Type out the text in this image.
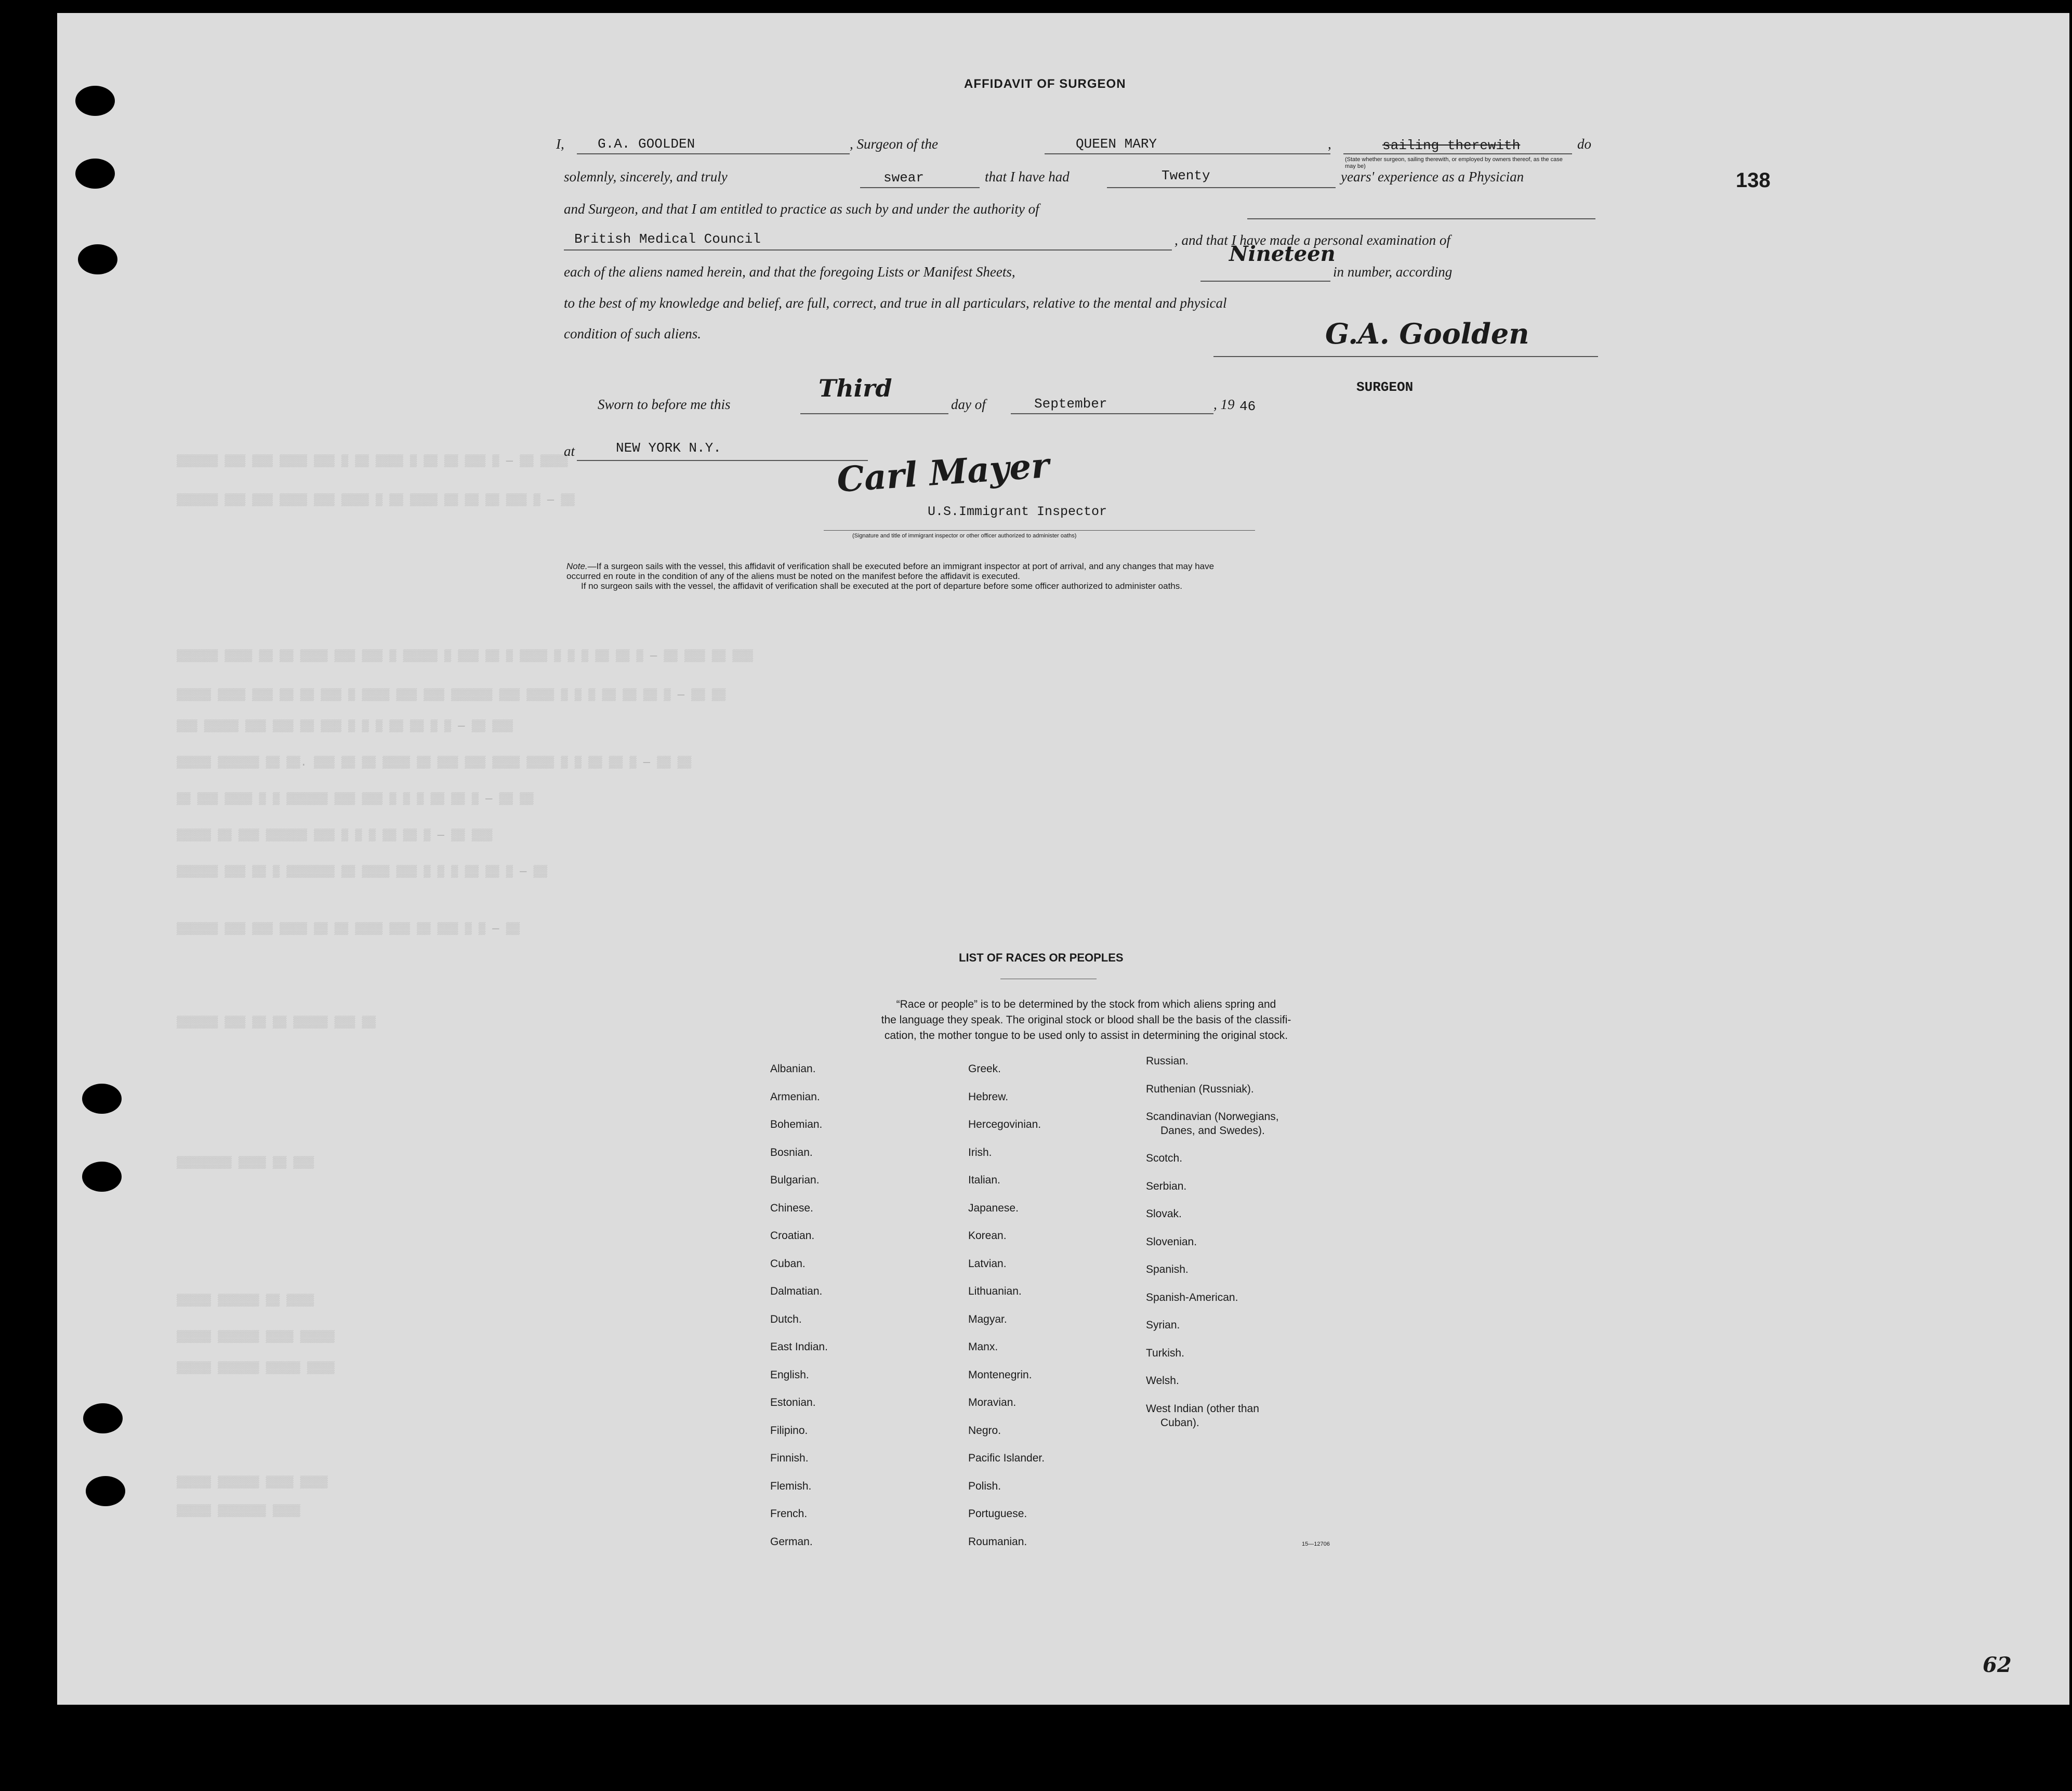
138
▒▒▒▒▒▒ ▒▒▒ ▒▒▒ ▒▒▒▒ ▒▒▒ ▒ ▒▒ ▒▒▒▒ ▒ ▒▒ ▒▒ ▒▒▒ ▒ — ▒▒ ▒▒▒▒
▒▒▒▒▒▒ ▒▒▒ ▒▒▒ ▒▒▒▒ ▒▒▒ ▒▒▒▒ ▒ ▒▒ ▒▒▒▒ ▒▒ ▒▒ ▒▒ ▒▒▒ ▒ — ▒▒
▒▒▒▒▒▒ ▒▒▒▒ ▒▒ ▒▒ ▒▒▒▒ ▒▒▒ ▒▒▒ ▒ ▒▒▒▒▒ ▒ ▒▒▒ ▒▒ ▒ ▒▒▒▒ ▒ ▒ ▒ ▒▒ ▒▒ ▒ — ▒▒ ▒▒▒ ▒▒ ▒▒▒
▒▒▒▒▒ ▒▒▒▒ ▒▒▒ ▒▒ ▒▒ ▒▒▒ ▒ ▒▒▒▒ ▒▒▒ ▒▒▒ ▒▒▒▒▒▒ ▒▒▒ ▒▒▒▒ ▒ ▒ ▒ ▒▒ ▒▒ ▒▒ ▒ — ▒▒ ▒▒
▒▒▒ ▒▒▒▒▒ ▒▒▒ ▒▒▒ ▒▒ ▒▒▒ ▒ ▒ ▒ ▒▒ ▒▒ ▒ ▒ — ▒▒ ▒▒▒
▒▒▒▒▒ ▒▒▒▒▒▒ ▒▒ ▒▒. ▒▒▒ ▒▒ ▒▒ ▒▒▒▒ ▒▒ ▒▒▒ ▒▒▒ ▒▒▒▒ ▒▒▒▒ ▒ ▒ ▒▒ ▒▒ ▒ — ▒▒ ▒▒
▒▒ ▒▒▒ ▒▒▒▒ ▒ ▒ ▒▒▒▒▒▒ ▒▒▒ ▒▒▒ ▒ ▒ ▒ ▒▒ ▒▒ ▒ — ▒▒ ▒▒
▒▒▒▒▒ ▒▒ ▒▒▒ ▒▒▒▒▒▒ ▒▒▒ ▒ ▒ ▒ ▒▒ ▒▒ ▒ — ▒▒ ▒▒▒
▒▒▒▒▒▒ ▒▒▒ ▒▒ ▒ ▒▒▒▒▒▒▒ ▒▒ ▒▒▒▒ ▒▒▒ ▒ ▒ ▒ ▒▒ ▒▒ ▒ — ▒▒
▒▒▒▒▒▒ ▒▒▒ ▒▒▒ ▒▒▒▒ ▒▒ ▒▒ ▒▒▒▒ ▒▒▒ ▒▒ ▒▒▒ ▒ ▒ — ▒▒
▒▒▒▒▒▒ ▒▒▒ ▒▒ ▒▒ ▒▒▒▒▒ ▒▒▒ ▒▒
▒▒▒▒▒▒▒▒ ▒▒▒▒ ▒▒ ▒▒▒
▒▒▒▒▒ ▒▒▒▒▒▒ ▒▒ ▒▒▒▒
▒▒▒▒▒ ▒▒▒▒▒▒ ▒▒▒▒ ▒▒▒▒▒
▒▒▒▒▒ ▒▒▒▒▒▒ ▒▒▒▒▒ ▒▒▒▒
▒▒▒▒▒ ▒▒▒▒▒▒ ▒▒▒▒ ▒▒▒▒
▒▒▒▒▒ ▒▒▒▒▒▒▒ ▒▒▒▒
AFFIDAVIT OF SURGEON
I, G.A. GOOLDEN	, Surgeon of the	QUEEN MARY	,	sailing therewith	do
(State whether surgeon, sailing therewith, or employed by owners thereof, as the case may be)
solemnly, sincerely, and truly	swear	that I have had	Twenty	years' experience as a Physician
and Surgeon, and that I am entitled to practice as such by and under the authority of
British Medical Council	, and that I have made a personal examination of
each of the aliens named herein, and that the foregoing Lists or Manifest Sheets,
Nineteen
in number, according
to the best of my knowledge and belief, are full, correct, and true in all particulars, relative to the mental and physical
condition of such aliens.	G.A. Goolden
SURGEON
Sworn to before me this
Third
day of	September	, 19 46
at	NEW YORK N.Y.	Carl Mayer
U.S.Immigrant Inspector
(Signature and title of immigrant inspector or other officer authorized to administer oaths)
Note.—If a surgeon sails with the vessel, this affidavit of verification shall be executed before an immigrant inspector at port of arrival, and any changes that may have
occurred en route in the condition of any of the aliens must be noted on the manifest before the affidavit is executed.
If no surgeon sails with the vessel, the affidavit of verification shall be executed at the port of departure before some officer authorized to administer oaths.
LIST OF RACES OR PEOPLES
“Race or people” is to be determined by the stock from which aliens spring and
the language they speak. The original stock or blood shall be the basis of the classifi-
cation, the mother tongue to be used only to assist in determining the original stock.
Albanian.
Armenian.
Bohemian.
Bosnian.
Bulgarian.
Chinese.
Croatian.
Cuban.
Dalmatian.
Dutch.
East Indian.
English.
Estonian.
Filipino.
Finnish.
Flemish.
French.
German.
Greek.
Hebrew.
Hercegovinian.
Irish.
Italian.
Japanese.
Korean.
Latvian.
Lithuanian.
Magyar.
Manx.
Montenegrin.
Moravian.
Negro.
Pacific Islander.
Polish.
Portuguese.
Roumanian.
Russian.
Ruthenian (Russniak).
Scandinavian (Norwegians,
Danes, and Swedes).
Scotch.
Serbian.
Slovak.
Slovenian.
Spanish.
Spanish-American.
Syrian.
Turkish.
Welsh.
West Indian (other than
Cuban).
15—12706
62
